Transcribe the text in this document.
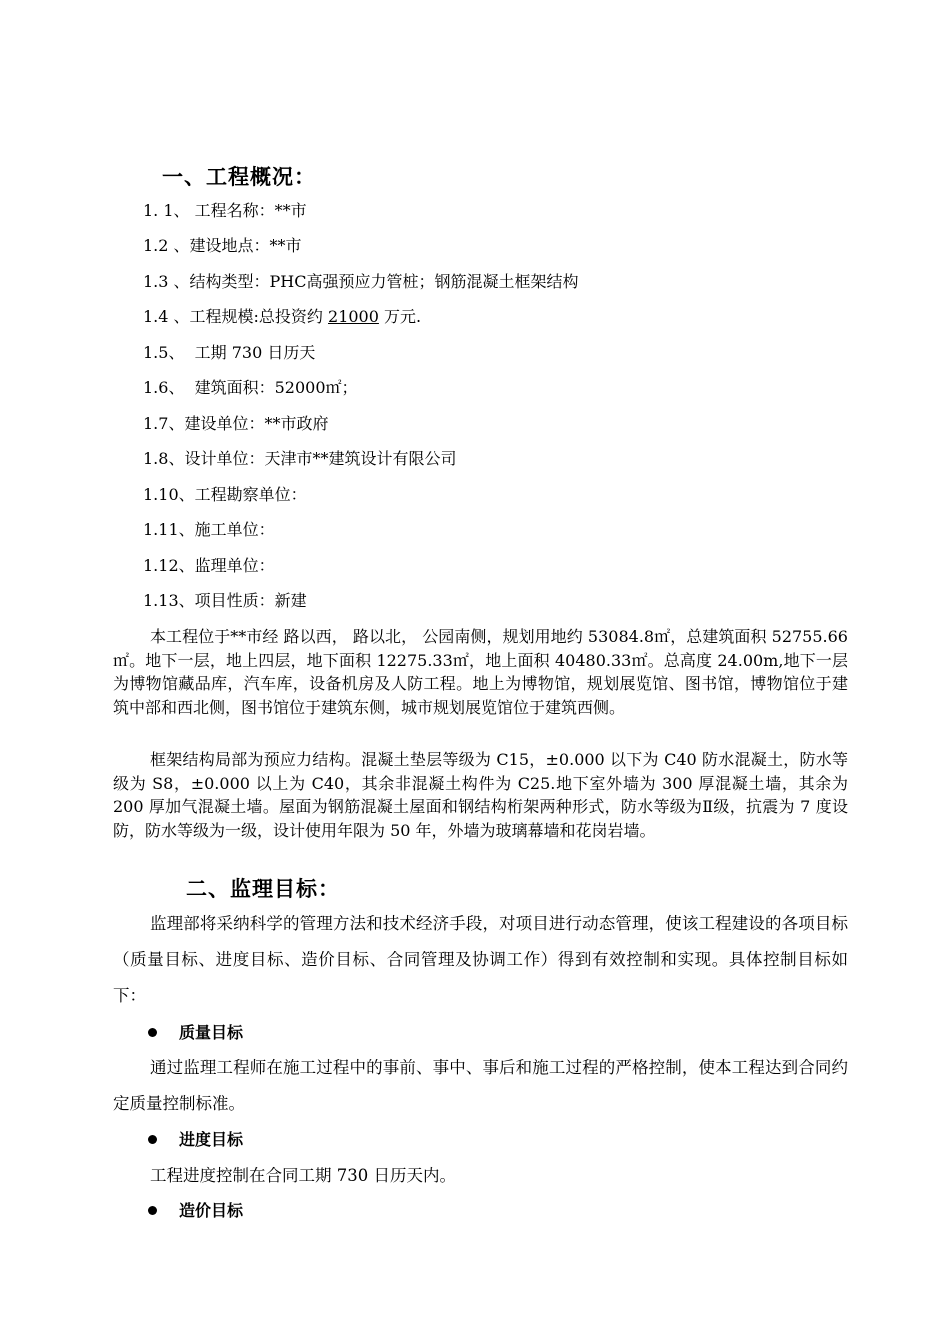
一、工程概况：
1. 1、 工程名称：**市
1.2 、建设地点：**市
1.3 、结构类型：PHC高强预应力管桩；钢筋混凝土框架结构
1.4 、工程规模:总投资约 21000 万元.
1.5、  工期 730 日历天
1.6、  建筑面积：52000㎡；
1.7、建设单位：**市政府
1.8、设计单位：天津市**建筑设计有限公司
1.10、工程勘察单位：
1.11、施工单位：
1.12、监理单位：
1.13、项目性质：新建

本工程位于**市经 路以西， 路以北， 公园南侧，规划用地约 53084.8㎡，总建筑面积 52755.66㎡。地下一层，地上四层，地下面积 12275.33㎡，地上面积 40480.33㎡。总高度 24.00m,地下一层为博物馆藏品库，汽车库，设备机房及人防工程。地上为博物馆，规划展览馆、图书馆，博物馆位于建筑中部和西北侧，图书馆位于建筑东侧，城市规划展览馆位于建筑西侧。

框架结构局部为预应力结构。混凝土垫层等级为 C15，±0.000 以下为 C40 防水混凝土，防水等级为 S8，±0.000 以上为 C40，其余非混凝土构件为 C25.地下室外墙为 300 厚混凝土墙，其余为 200 厚加气混凝土墙。屋面为钢筋混凝土屋面和钢结构桁架两种形式，防水等级为Ⅱ级，抗震为 7 度设防，防水等级为一级，设计使用年限为 50 年，外墙为玻璃幕墙和花岗岩墙。

二、监理目标：

监理部将采纳科学的管理方法和技术经济手段，对项目进行动态管理，使该工程建设的各项目标（质量目标、进度目标、造价目标、合同管理及协调工作）得到有效控制和实现。具体控制目标如下：

质量目标

通过监理工程师在施工过程中的事前、事中、事后和施工过程的严格控制，使本工程达到合同约定质量控制标准。

进度目标

工程进度控制在合同工期 730 日历天内。

造价目标
